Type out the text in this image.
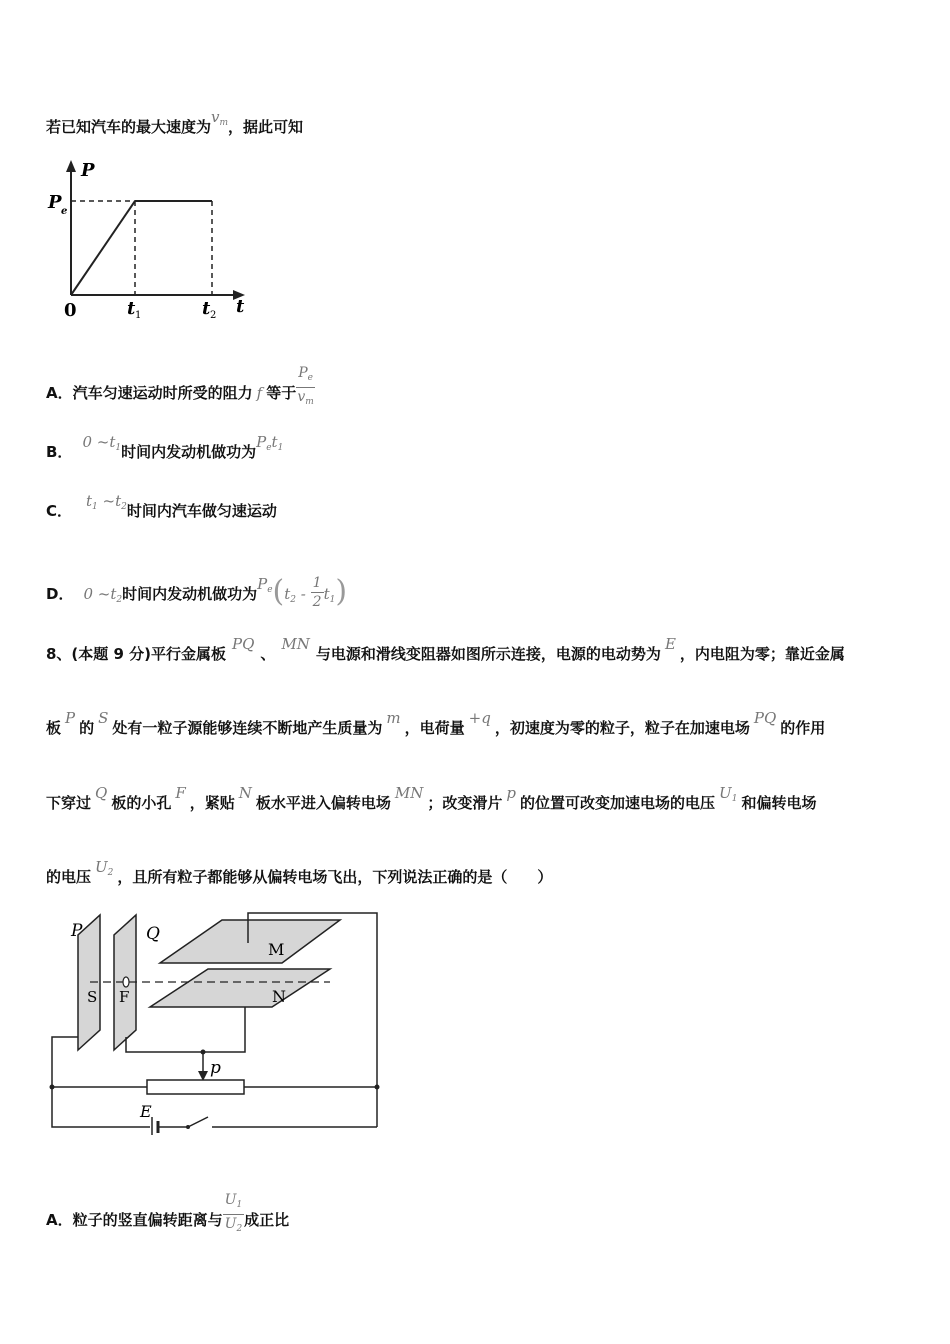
若已知汽车的最大速度为$v_m$，据此可知
P
P e
0	t 1	t 2 t
A．汽车匀速运动时所受的阻力 f 等于 $\frac{P_e}{v_m}$
B．0 $\sim t_1$时间内发动机做功为$P_et_1$
C．$t_1$ $\sim t_2$时间内汽车做匀速运动
D． 0 $\sim t_2$时间内发动机做功为$P_e(t_2 - \frac{1}{2} t_1)$
8、(本题 9 分)平行金属板PQ、MN与电源和滑线变阻器如图所示连接，电源的电动势为E，内电阻为零；靠近金属
板P的S处有一粒子源能够连续不断地产生质量为m，电荷量+q，初速度为零的粒子，粒子在加速电场PQ的作用
下穿过Q板的小孔F，紧贴N板水平进入偏转电场MN；改变滑片p的位置可改变加速电场的电压$U_1$ 和偏转电场
的电压$U_2$ ，且所有粒子都能够从偏转电场飞出，下列说法正确的是（　　）
P	Q
M
N
S F
p
E
A．粒子的竖直偏转距离与 $\frac{U_1}{U_2}$ 成正比
